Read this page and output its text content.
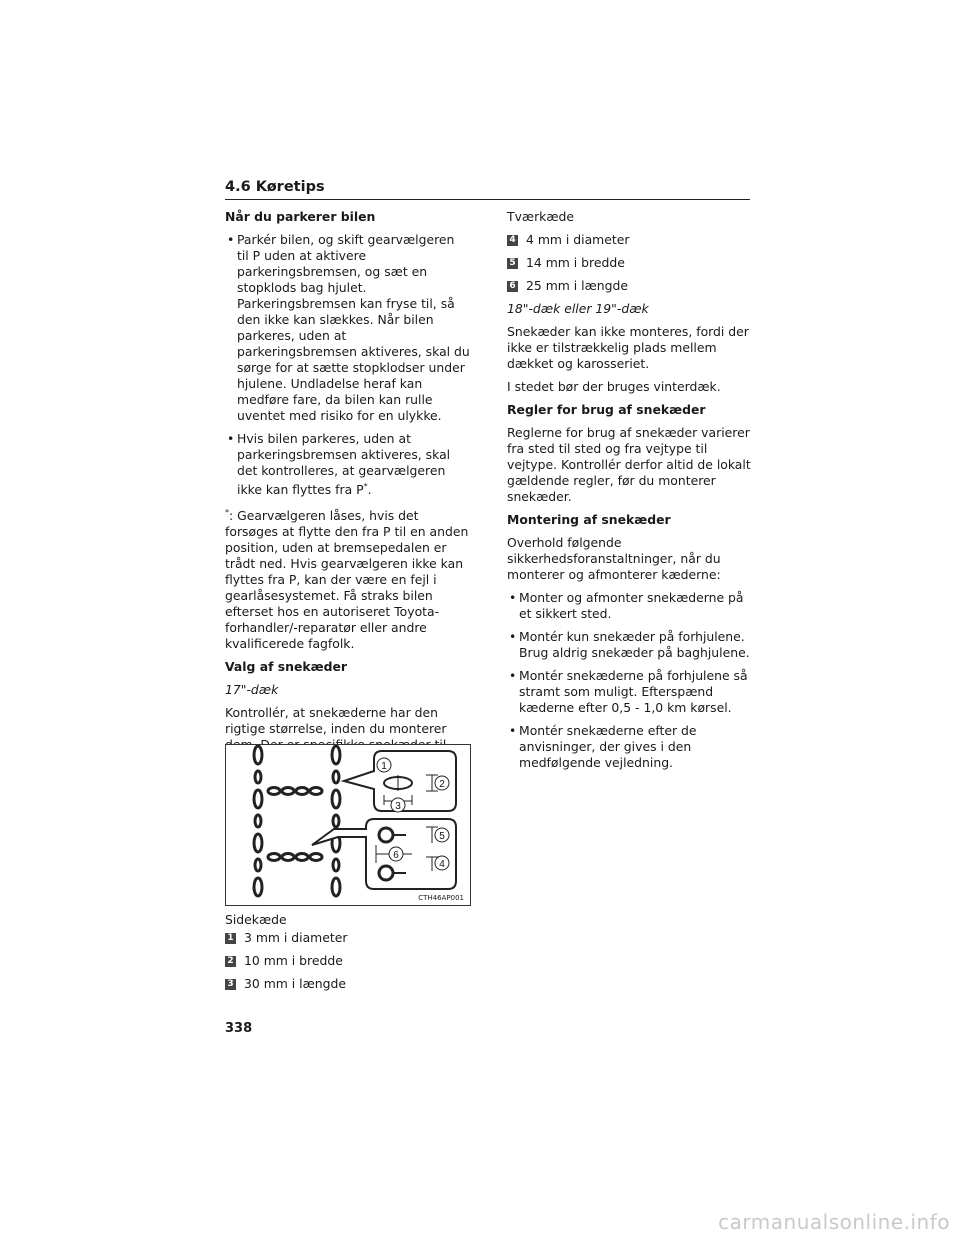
4.6 Køretips
Når du parkerer bilen
• Parkér bilen, og skift gearvælgeren til P uden at aktivere parkeringsbremsen, og sæt en stopklods bag hjulet. Parkeringsbremsen kan fryse til, så den ikke kan slækkes. Når bilen parkeres, uden at parkeringsbremsen aktiveres, skal du sørge for at sætte stopklodser under hjulene. Undladelse heraf kan medføre fare, da bilen kan rulle uventet med risiko for en ulykke.
• Hvis bilen parkeres, uden at parkeringsbremsen aktiveres, skal det kontrolleres, at gearvælgeren ikke kan flyttes fra P*.

*: Gearvælgeren låses, hvis det forsøges at flytte den fra P til en anden position, uden at bremsepedalen er trådt ned. Hvis gearvælgeren ikke kan flyttes fra P, kan der være en fejl i gearlåsesystemet. Få straks bilen efterset hos en autoriseret Toyota-forhandler/-reparatør eller andre kvalificerede fagfolk.

Valg af snekæder

17"-dæk

Kontrollér, at snekæderne har den rigtige størrelse, inden du monterer

1
2
3
4
5
6
CTH46AP001

Sidekæde

1 3 mm i diameter
2 10 mm i bredde
3 30 mm i længde

Tværkæde

4 4 mm i diameter
5 14 mm i bredde
6 25 mm i længde

18"-dæk eller 19"-dæk

Snekæder kan ikke monteres, fordi der ikke er tilstrækkelig plads mellem dækket og karosseriet.

I stedet bør der bruges vinterdæk.

Regler for brug af snekæder

Reglerne for brug af snekæder varierer fra sted til sted og fra vejtype til vejtype. Kontrollér derfor altid de lokalt gældende regler, før du monterer snekæder.

Montering af snekæder

Overhold følgende sikkerhedsforanstaltninger, når du monterer og afmonterer kæderne:

• Monter og afmonter snekæderne på et sikkert sted.
• Montér kun snekæder på forhjulene. Brug aldrig snekæder på baghjulene.
• Montér snekæderne på forhjulene så stramt som muligt. Efterspænd kæderne efter 0,5 - 1,0 km kørsel.
• Montér snekæderne efter de anvisninger, der gives i den medfølgende vejledning.
338
carmanualsonline.info
